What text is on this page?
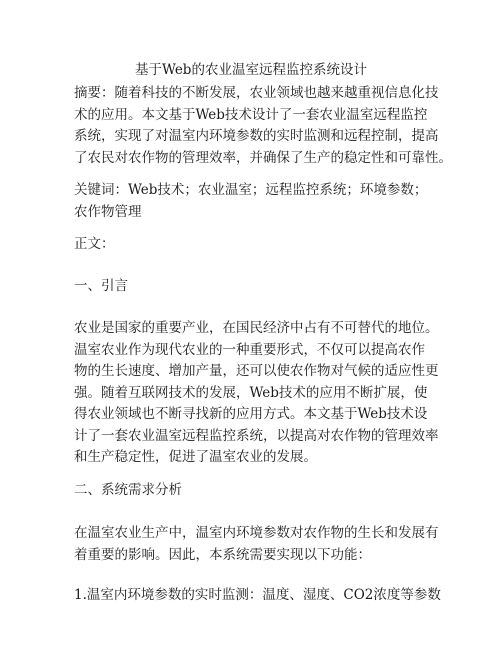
基于Web的农业温室远程监控系统设计

摘要：随着科技的不断发展，农业领域也越来越重视信息化技
术的应用。本文基于Web技术设计了一套农业温室远程监控
系统，实现了对温室内环境参数的实时监测和远程控制，提高
了农民对农作物的管理效率，并确保了生产的稳定性和可靠性。

关键词：Web技术；农业温室；远程监控系统；环境参数；
农作物管理

正文：

一、引言

农业是国家的重要产业，在国民经济中占有不可替代的地位。
温室农业作为现代农业的一种重要形式，不仅可以提高农作
物的生长速度、增加产量，还可以使农作物对气候的适应性更
强。随着互联网技术的发展，Web技术的应用不断扩展，使
得农业领域也不断寻找新的应用方式。本文基于Web技术设
计了一套农业温室远程监控系统，以提高对农作物的管理效率
和生产稳定性，促进了温室农业的发展。

二、系统需求分析

在温室农业生产中，温室内环境参数对农作物的生长和发展有
着重要的影响。因此，本系统需要实现以下功能：

1.温室内环境参数的实时监测：温度、湿度、CO2浓度等参数
